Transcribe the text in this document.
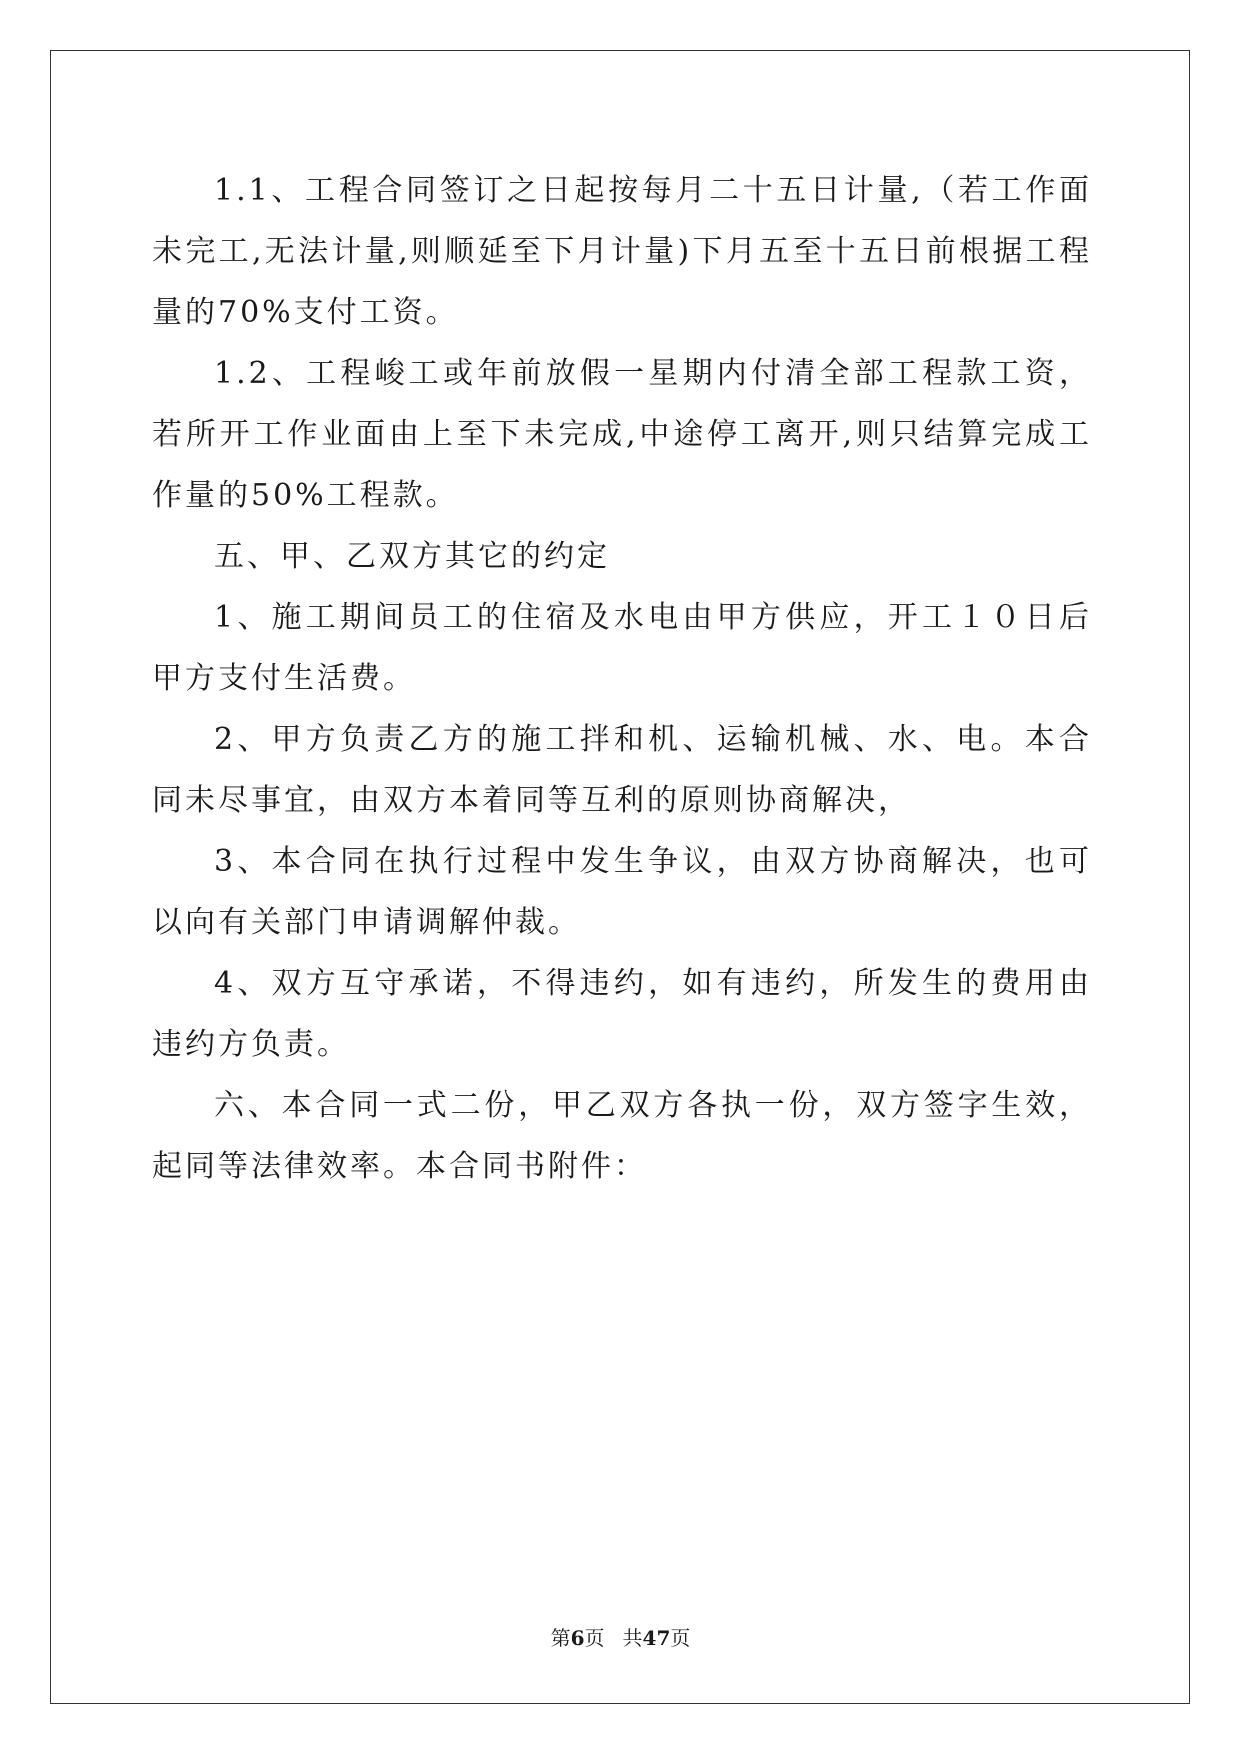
1.1、工程合同签订之日起按每月二十五日计量,（若工作面未完工,无法计量,则顺延至下月计量)下月五至十五日前根据工程量的70%支付工资。

1.2、工程峻工或年前放假一星期内付清全部工程款工资，若所开工作业面由上至下未完成,中途停工离开,则只结算完成工作量的50%工程款。

五、甲、乙双方其它的约定

1、施工期间员工的住宿及水电由甲方供应，开工１０日后甲方支付生活费。

2、甲方负责乙方的施工拌和机、运输机械、水、电。本合同未尽事宜，由双方本着同等互利的原则协商解决，

3、本合同在执行过程中发生争议，由双方协商解决，也可以向有关部门申请调解仲裁。

4、双方互守承诺，不得违约，如有违约，所发生的费用由违约方负责。

六、本合同一式二份，甲乙双方各执一份，双方签字生效，起同等法律效率。本合同书附件：

第6页 共47页
